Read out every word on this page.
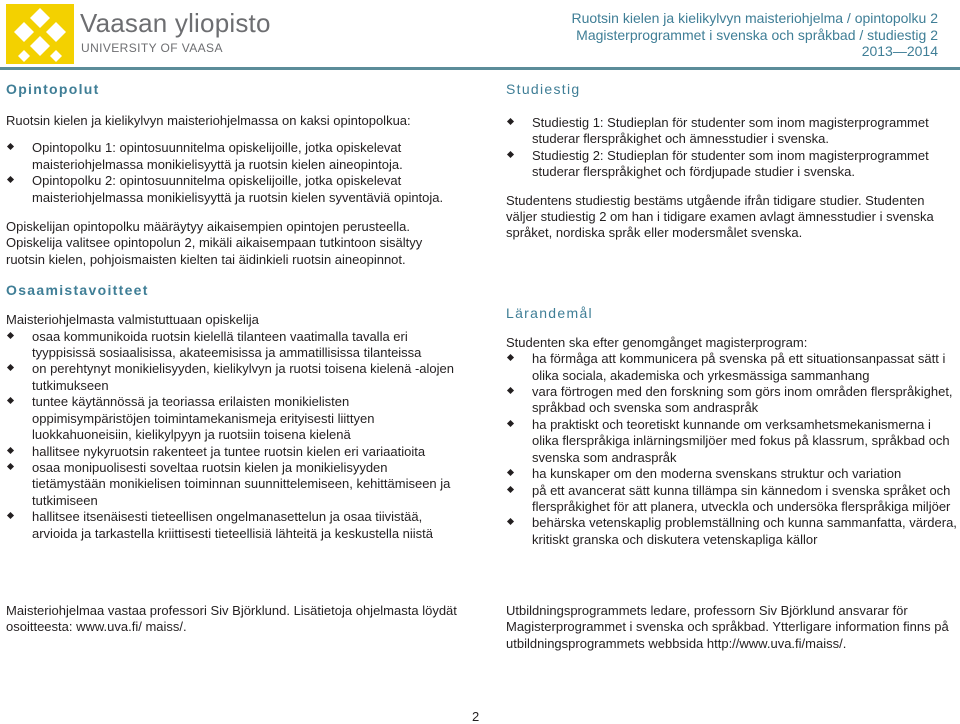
Vaasan yliopisto
UNIVERSITY OF VAASA
Ruotsin kielen ja kielikylvyn maisteriohjelma / opintopolku 2
Magisterprogrammet i svenska och språkbad / studiestig 2
2013—2014
Opintopolut

Ruotsin kielen ja kielikylvyn maisteriohjelmassa on kaksi opintopolkua:

Opintopolku 1: opintosuunnitelma opiskelijoille, jotka opiskelevat maisteriohjelmassa monikielisyyttä ja ruotsin kielen aineopintoja.
Opintopolku 2: opintosuunnitelma opiskelijoille, jotka opiskelevat maisteriohjelmassa monikielisyyttä ja ruotsin kielen syventäviä opintoja.

Opiskelijan opintopolku määräytyy aikaisempien opintojen perusteella.

Opiskelija valitsee opintopolun 2, mikäli aikaisempaan tutkintoon sisältyy ruotsin kielen, pohjoismaisten kielten tai äidinkieli ruotsin aineopinnot.

Osaamistavoitteet

Maisteriohjelmasta valmistuttuaan opiskelija

osaa kommunikoida ruotsin kielellä tilanteen vaatimalla tavalla eri tyyppisissä sosiaalisissa, akateemisissa ja ammatillisissa tilanteissa
on perehtynyt monikielisyyden, kielikylvyn ja ruotsi toisena kielenä -alojen tutkimukseen
tuntee käytännössä ja teoriassa erilaisten monikielisten oppimisympäristöjen toimintamekanismeja erityisesti liittyen luokkahuoneisiin, kielikylpyyn ja ruotsiin toisena kielenä
hallitsee nykyruotsin rakenteet ja tuntee ruotsin kielen eri variaatioita
osaa monipuolisesti soveltaa ruotsin kielen ja monikielisyyden tietämystään monikielisen toiminnan suunnittelemiseen, kehittämiseen ja tutkimiseen
hallitsee itsenäisesti tieteellisen ongelmanasettelun ja osaa tiivistää, arvioida ja tarkastella kriittisesti tieteellisiä lähteitä ja keskustella niistä
Studiestig
Studiestig 1: Studieplan för studenter som inom magisterprogrammet studerar flerspråkighet och ämnesstudier i svenska.
Studiestig 2: Studieplan för studenter som inom magisterprogrammet studerar flerspråkighet och fördjupade studier i svenska.

Studentens studiestig bestäms utgående ifrån tidigare studier. Studenten väljer studiestig 2 om han i tidigare examen avlagt ämnesstudier i svenska språket, nordiska språk eller modersmålet svenska.

Lärandemål

Studenten ska efter genomgånget magisterprogram:

ha förmåga att kommunicera på svenska på ett situationsanpassat sätt i olika sociala, akademiska och yrkesmässiga sammanhang
vara förtrogen med den forskning som görs inom områden flerspråkighet, språkbad och svenska som andraspråk
ha praktiskt och teoretiskt kunnande om verksamhetsmekanismerna i olika flerspråkiga inlärningsmiljöer med fokus på klassrum, språkbad och svenska som andraspråk
ha kunskaper om den moderna svenskans struktur och variation
på ett avancerat sätt kunna tillämpa sin kännedom i svenska språket och flerspråkighet för att planera, utveckla och undersöka flerspråkiga miljöer
behärska vetenskaplig problemställning och kunna sammanfatta, värdera, kritiskt granska och diskutera vetenskapliga källor

Maisteriohjelmaa vastaa professori Siv Björklund. Lisätietoja ohjelmasta löydät osoitteesta: www.uva.fi/ maiss/.

Utbildningsprogrammets ledare, professorn Siv Björklund ansvarar för Magisterprogrammet i svenska och språkbad. Ytterligare information finns på utbildningsprogrammets webbsida http://www.uva.fi/maiss/.

2
